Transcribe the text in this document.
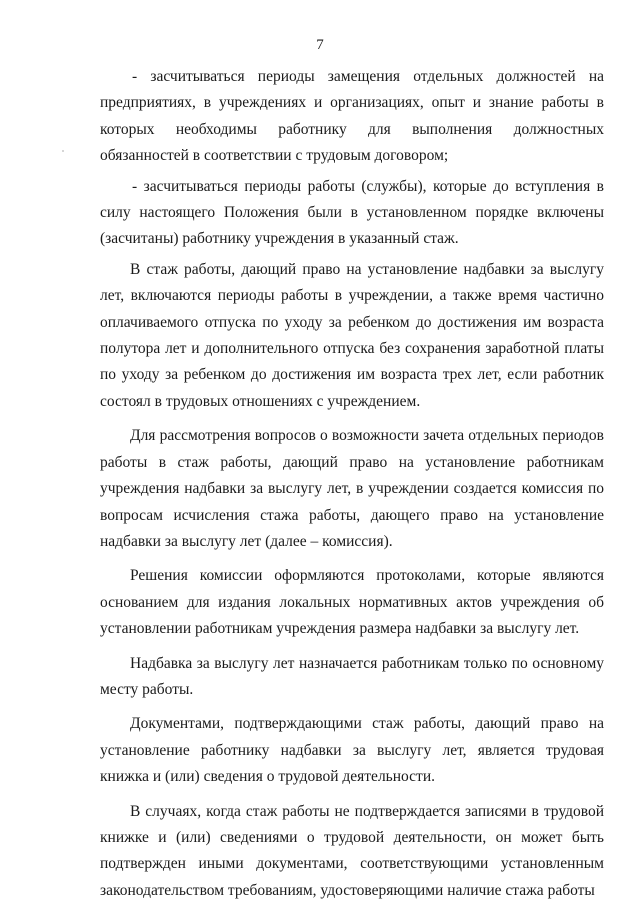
7

- засчитываться периоды замещения отдельных должностей на предприятиях, в учреждениях и организациях, опыт и знание работы в которых необходимы работнику для выполнения должностных обязанностей в соответствии с трудовым договором;

- засчитываться периоды работы (службы), которые до вступления в силу настоящего Положения были в установленном порядке включены (засчитаны) работнику учреждения в указанный стаж.

В стаж работы, дающий право на установление надбавки за выслугу лет, включаются периоды работы в учреждении, а также время частично оплачиваемого отпуска по уходу за ребенком до достижения им возраста полутора лет и дополнительного отпуска без сохранения заработной платы по уходу за ребенком до достижения им возраста трех лет, если работник состоял в трудовых отношениях с учреждением.

Для рассмотрения вопросов о возможности зачета отдельных периодов работы в стаж работы, дающий право на установление работникам учреждения надбавки за выслугу лет, в учреждении создается комиссия по вопросам исчисления стажа работы, дающего право на установление надбавки за выслугу лет (далее – комиссия).

Решения комиссии оформляются протоколами, которые являются основанием для издания локальных нормативных актов учреждения об установлении работникам учреждения размера надбавки за выслугу лет.

Надбавка за выслугу лет назначается работникам только по основному месту работы.

Документами, подтверждающими стаж работы, дающий право на установление работнику надбавки за выслугу лет, является трудовая книжка и (или) сведения о трудовой деятельности.

В случаях, когда стаж работы не подтверждается записями в трудовой книжке и (или) сведениями о трудовой деятельности, он может быть подтвержден иными документами, соответствующими установленным законодательством требованиям, удостоверяющими наличие стажа работы
